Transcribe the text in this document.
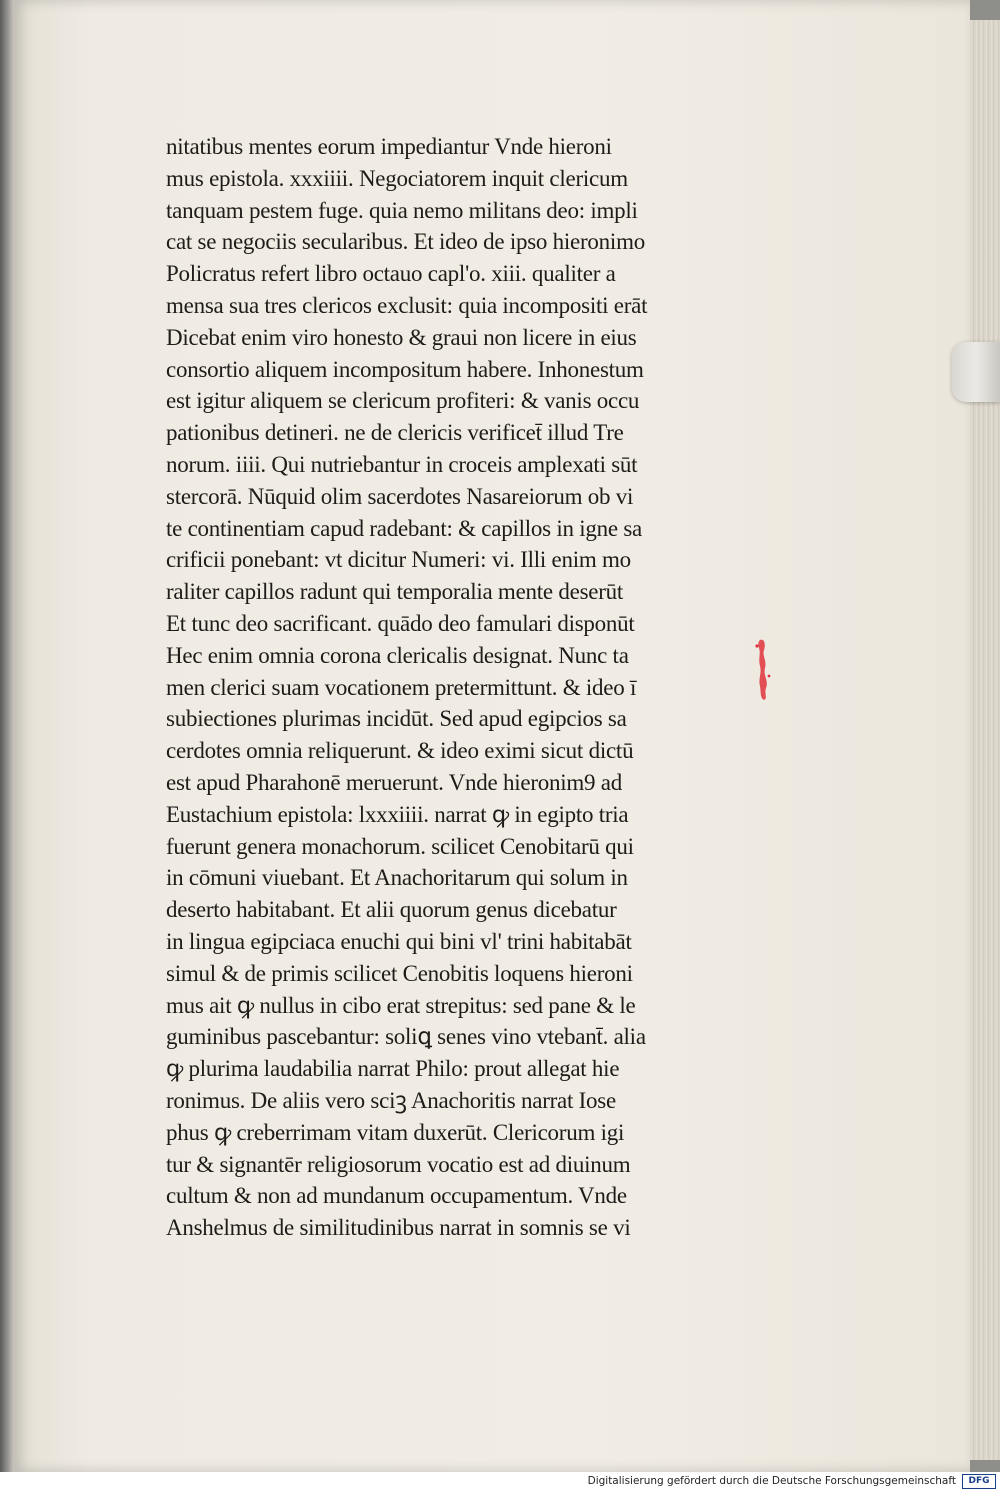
nitatibus mentes eorum impediantur Vnde hieroni
mus epistola. xxxiiii. Negociatorem inquit clericum
tanquam pestem fuge. quia nemo militans deo: impli
cat se negociis secularibus. Et ideo de ipso hieronimo
Policratus refert libro octauo capl'o. xiii. qualiter a
mensa sua tres clericos exclusit: quia incompositi erāt
Dicebat enim viro honesto & graui non licere in eius
consortio aliquem incompositum habere. Inhonestum
est igitur aliquem se clericum profiteri: & vanis occu
pationibus detineri. ne de clericis verificet̄ illud Tre
norum. iiii. Qui nutriebantur in croceis amplexati sūt
stercorā. Nūquid olim sacerdotes Nasareiorum ob vi
te continentiam capud radebant: & capillos in igne sa
crificii ponebant: vt dicitur Numeri: vi. Illi enim mo
raliter capillos radunt qui temporalia mente deserūt
Et tunc deo sacrificant. quādo deo famulari disponūt
Hec enim omnia corona clericalis designat. Nunc ta
men clerici suam vocationem pretermittunt. & ideo ī
subiectiones plurimas incidūt. Sed apud egipcios sa
cerdotes omnia reliquerunt. & ideo eximi sicut dictū
est apud Pharahonē meruerunt. Vnde hieronim9 ad
Eustachium epistola: lxxxiiii. narrat ꝙ in egipto tria
fuerunt genera monachorum. scilicet Cenobitarū qui
in cōmuni viuebant. Et Anachoritarum qui solum in
deserto habitabant. Et alii quorum genus dicebatur
in lingua egipciaca enuchi qui bini vl' trini habitabāt
simul & de primis scilicet Cenobitis loquens hieroni
mus ait ꝙ nullus in cibo erat strepitus: sed pane & le
guminibus pascebantur: soliꝗ senes vino vtebant̄. alia
ꝙ plurima laudabilia narrat Philo: prout allegat hie
ronimus. De aliis vero sciꝫ Anachoritis narrat Iose
phus ꝙ creberrimam vitam duxerūt. Clericorum igi
tur & signantēr religiosorum vocatio est ad diuinum
cultum & non ad mundanum occupamentum. Vnde
Anshelmus de similitudinibus narrat in somnis se vi
Digitalisierung gefördert durch die Deutsche Forschungsgemeinschaft	DFG
